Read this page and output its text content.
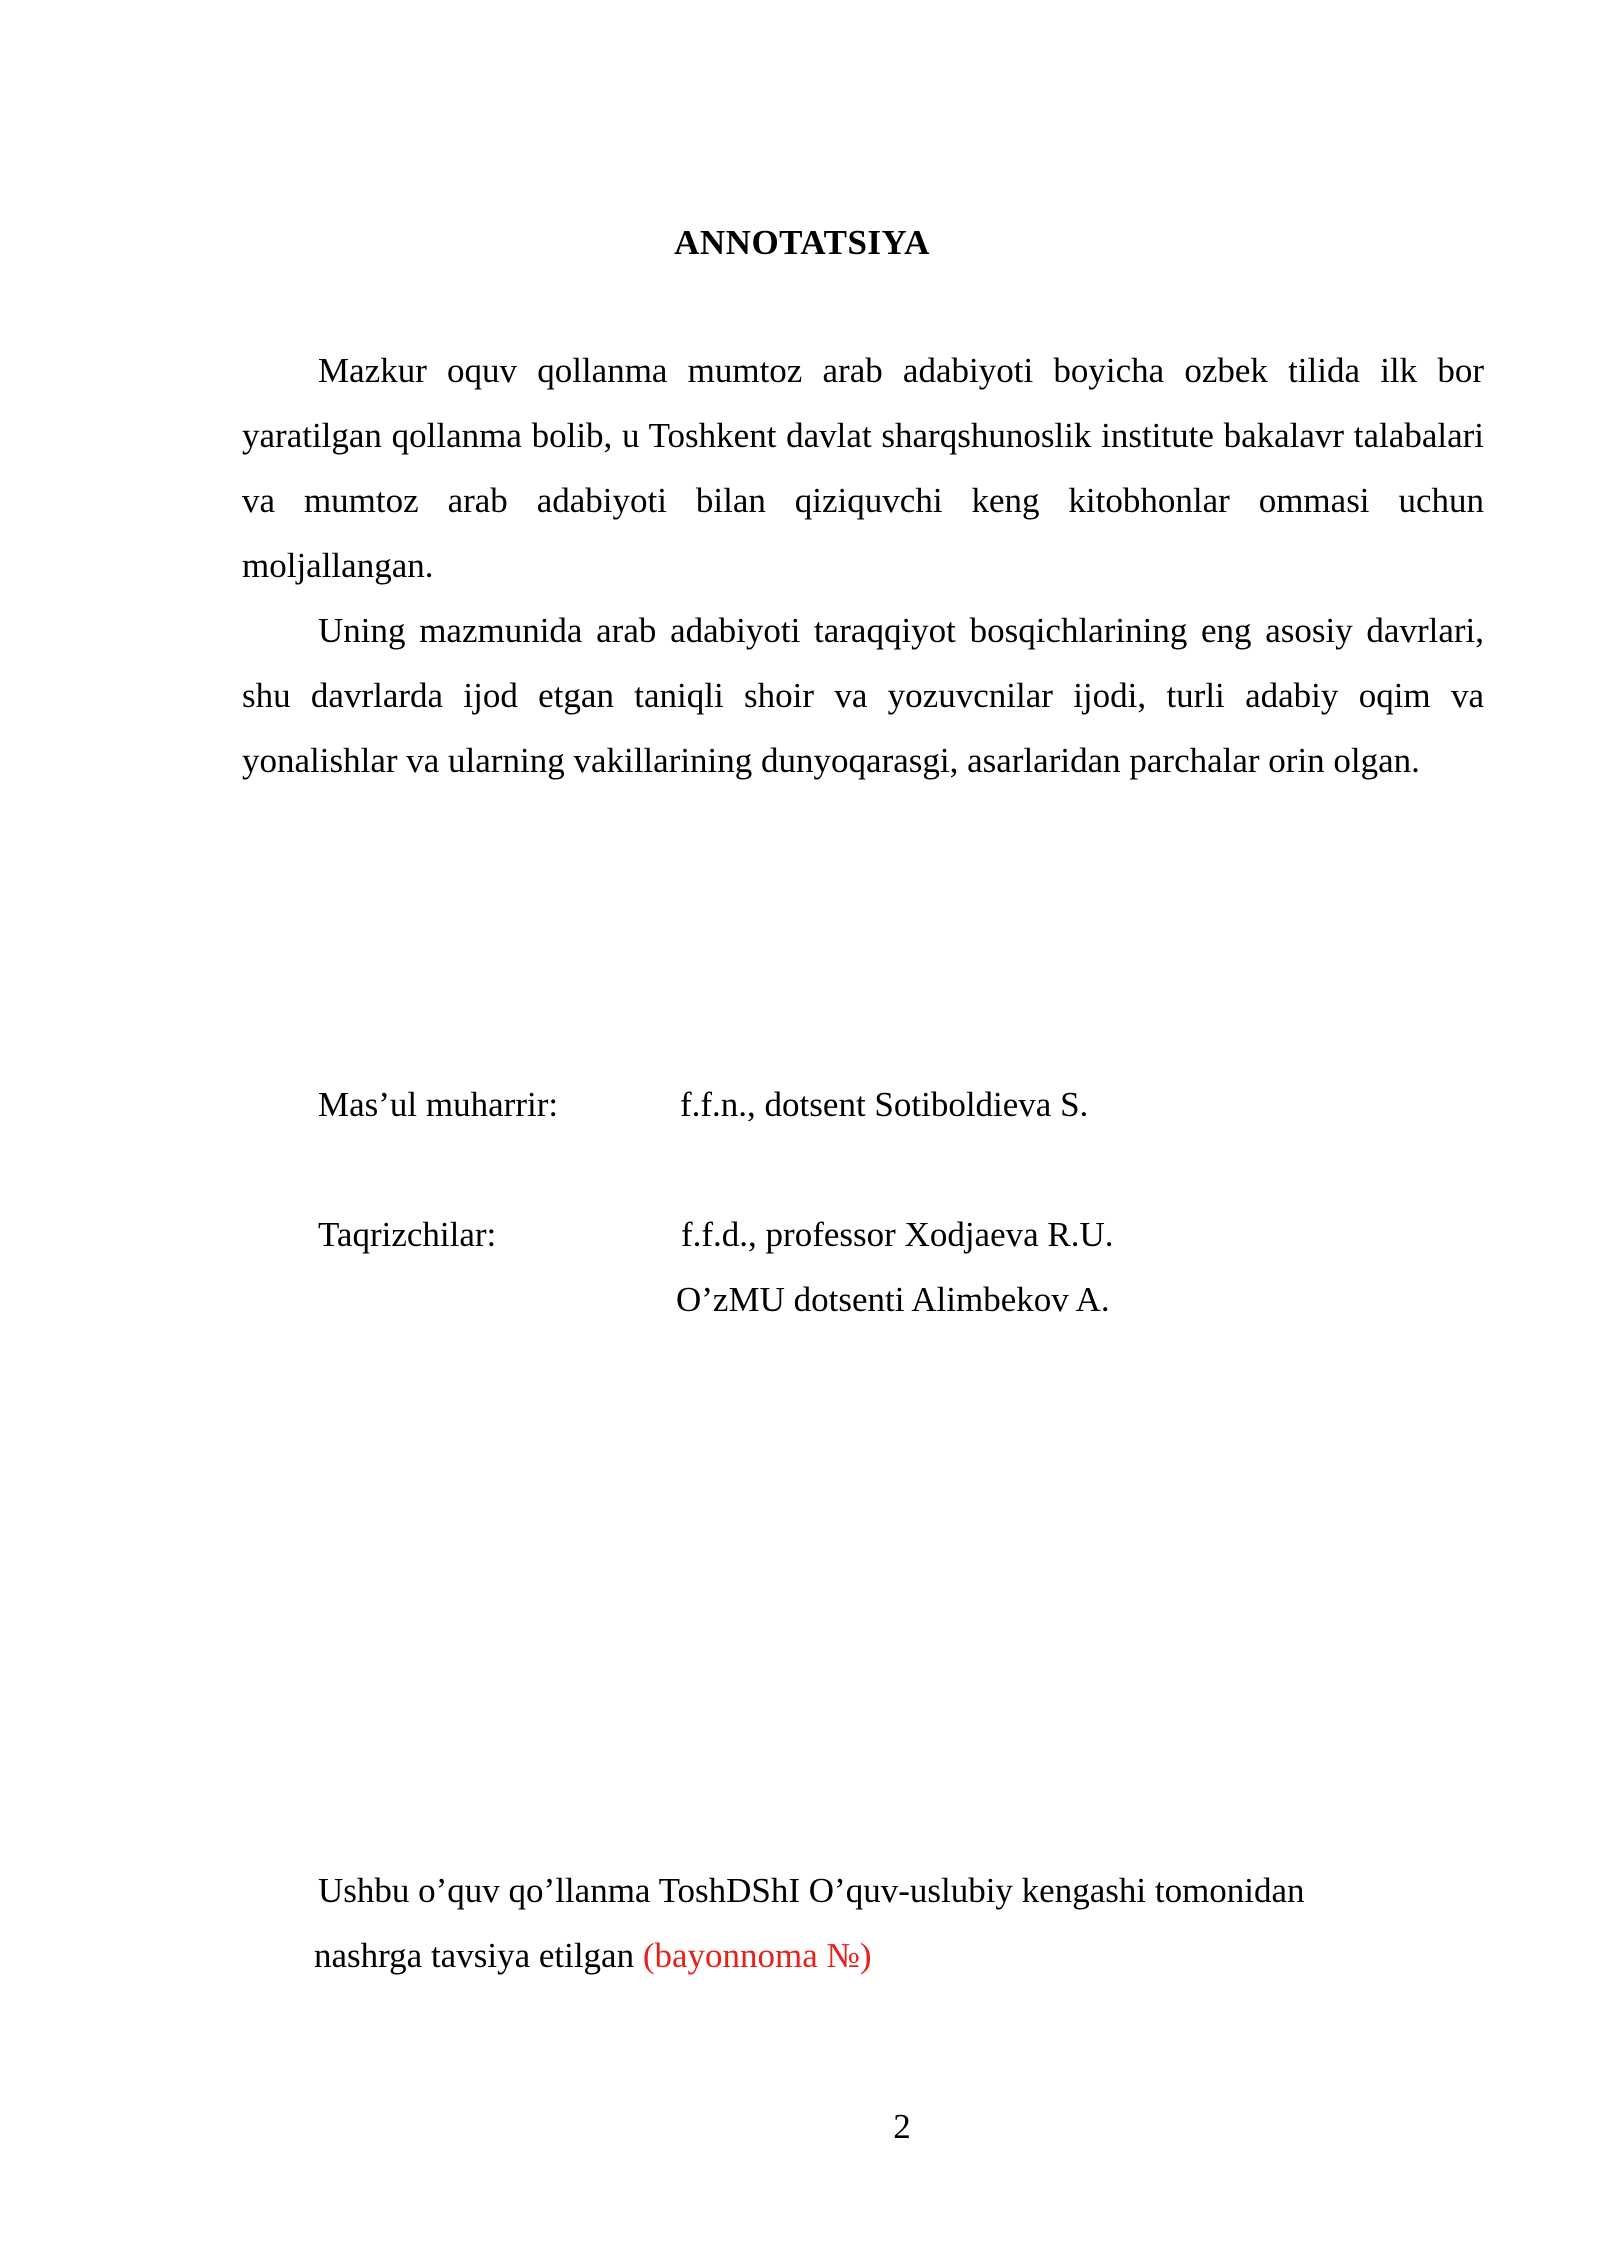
ANNOTATSIYA

Mazkur oquv qollanma mumtoz arab adabiyoti boyicha ozbek tilida ilk bor yaratilgan qollanma bolib, u Toshkent davlat sharqshunoslik institute bakalavr talabalari va mumtoz arab adabiyoti bilan qiziquvchi keng kitobhonlar ommasi uchun moljallangan.

Uning mazmunida arab adabiyoti taraqqiyot bosqichlarining eng asosiy davrlari, shu davrlarda ijod etgan taniqli shoir va yozuvcnilar ijodi, turli adabiy oqim va yonalishlar va ularning vakillarining dunyoqarasgi, asarlaridan parchalar orin olgan.

Mas’ul muharrir:	f.f.n., dotsent Sotiboldieva S.
Taqrizchilar:	f.f.d., professor Xodjaeva R.U.
O’zMU dotsenti Alimbekov A.
Ushbu o’quv qo’llanma ToshDShI O’quv-uslubiy kengashi tomonidan
nashrga tavsiya etilgan (bayonnoma №)
2
